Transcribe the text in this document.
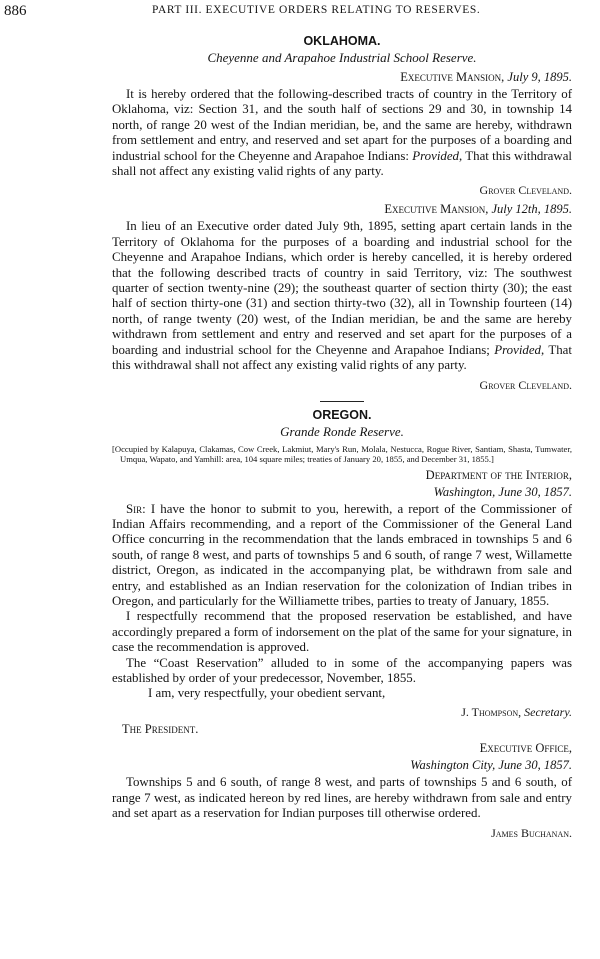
886	PART III. EXECUTIVE ORDERS RELATING TO RESERVES.
OKLAHOMA.
Cheyenne and Arapahoe Industrial School Reserve.
Executive Mansion, July 9, 1895.

It is hereby ordered that the following-described tracts of country in the Territory of Oklahoma, viz: Section 31, and the south half of sections 29 and 30, in township 14 north, of range 20 west of the Indian meridian, be, and the same are hereby, withdrawn from settlement and entry, and reserved and set apart for the purposes of a boarding and industrial school for the Cheyenne and Arapahoe Indians: Provided, That this withdrawal shall not affect any existing valid rights of any party.

Grover Cleveland.
Executive Mansion, July 12th, 1895.

In lieu of an Executive order dated July 9th, 1895, setting apart certain lands in the Territory of Oklahoma for the purposes of a boarding and industrial school for the Cheyenne and Arapahoe Indians, which order is hereby cancelled, it is hereby ordered that the following described tracts of country in said Territory, viz: The southwest quarter of section twenty-nine (29); the southeast quarter of section thirty (30); the east half of section thirty-one (31) and section thirty-two (32), all in Township fourteen (14) north, of range twenty (20) west, of the Indian meridian, be and the same are hereby withdrawn from settlement and entry and reserved and set apart for the purposes of a boarding and industrial school for the Cheyenne and Arapahoe Indians; Provided, That this withdrawal shall not affect any existing valid rights of any party.

Grover Cleveland.
OREGON.
Grande Ronde Reserve.
[Occupied by Kalapuya, Clakamas, Cow Creek, Lakmiut, Mary's Run, Molala, Nestucca, Rogue River, Santiam, Shasta, Tumwater, Umqua, Wapato, and Yamhill: area, 104 square miles; treaties of January 20, 1855, and December 31, 1855.]
Department of the Interior,
Washington, June 30, 1857.

Sir: I have the honor to submit to you, herewith, a report of the Commissioner of Indian Affairs recommending, and a report of the Commissioner of the General Land Office concurring in the recommendation that the lands embraced in townships 5 and 6 south, of range 8 west, and parts of townships 5 and 6 south, of range 7 west, Willamette district, Oregon, as indicated in the accompanying plat, be withdrawn from sale and entry, and established as an Indian reservation for the colonization of Indian tribes in Oregon, and particularly for the Williamette tribes, parties to treaty of January, 1855.

I respectfully recommend that the proposed reservation be established, and have accordingly prepared a form of indorsement on the plat of the same for your signature, in case the recommendation is approved.

The “Coast Reservation” alluded to in some of the accompanying papers was established by order of your predecessor, November, 1855.

I am, very respectfully, your obedient servant,

J. Thompson, Secretary.
The President.
Executive Office,
Washington City, June 30, 1857.

Townships 5 and 6 south, of range 8 west, and parts of townships 5 and 6 south, of range 7 west, as indicated hereon by red lines, are hereby withdrawn from sale and entry and set apart as a reservation for Indian purposes till otherwise ordered.

James Buchanan.
